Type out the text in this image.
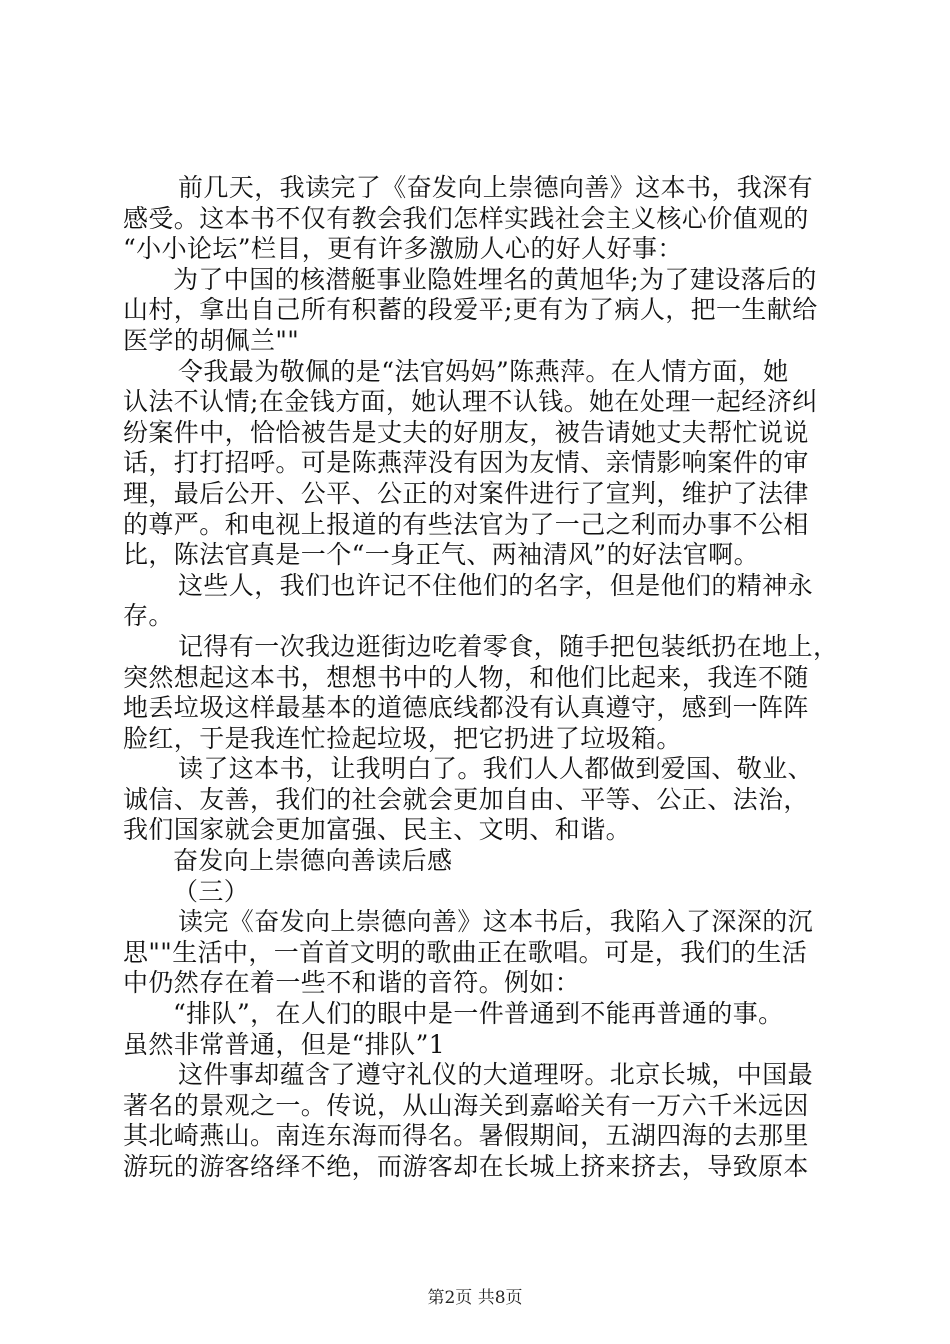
前几天，我读完了《奋发向上崇德向善》这本书，我深有
感受。这本书不仅有教会我们怎样实践社会主义核心价值观的
“小小论坛”栏目，更有许多激励人心的好人好事：
为了中国的核潜艇事业隐姓埋名的黄旭华;为了建设落后的
山村，拿出自己所有积蓄的段爱平;更有为了病人，把一生献给
医学的胡佩兰""
令我最为敬佩的是“法官妈妈”陈燕萍。在人情方面，她
认法不认情;在金钱方面，她认理不认钱。她在处理一起经济纠
纷案件中，恰恰被告是丈夫的好朋友，被告请她丈夫帮忙说说
话，打打招呼。可是陈燕萍没有因为友情、亲情影响案件的审
理，最后公开、公平、公正的对案件进行了宣判，维护了法律
的尊严。和电视上报道的有些法官为了一己之利而办事不公相
比，陈法官真是一个“一身正气、两袖清风”的好法官啊。
这些人，我们也许记不住他们的名字，但是他们的精神永
存。
记得有一次我边逛街边吃着零食，随手把包装纸扔在地上，
突然想起这本书，想想书中的人物，和他们比起来，我连不随
地丢垃圾这样最基本的道德底线都没有认真遵守，感到一阵阵
脸红，于是我连忙捡起垃圾，把它扔进了垃圾箱。
读了这本书，让我明白了。我们人人都做到爱国、敬业、
诚信、友善，我们的社会就会更加自由、平等、公正、法治，
我们国家就会更加富强、民主、文明、和谐。
奋发向上崇德向善读后感
（三）
读完《奋发向上崇德向善》这本书后，我陷入了深深的沉
思""生活中，一首首文明的歌曲正在歌唱。可是，我们的生活
中仍然存在着一些不和谐的音符。例如：
“排队”，在人们的眼中是一件普通到不能再普通的事。
虽然非常普通，但是“排队”1
这件事却蕴含了遵守礼仪的大道理呀。北京长城，中国最
著名的景观之一。传说，从山海关到嘉峪关有一万六千米远因
其北崎燕山。南连东海而得名。暑假期间，五湖四海的去那里
游玩的游客络绎不绝，而游客却在长城上挤来挤去，导致原本
第2页 共8页
